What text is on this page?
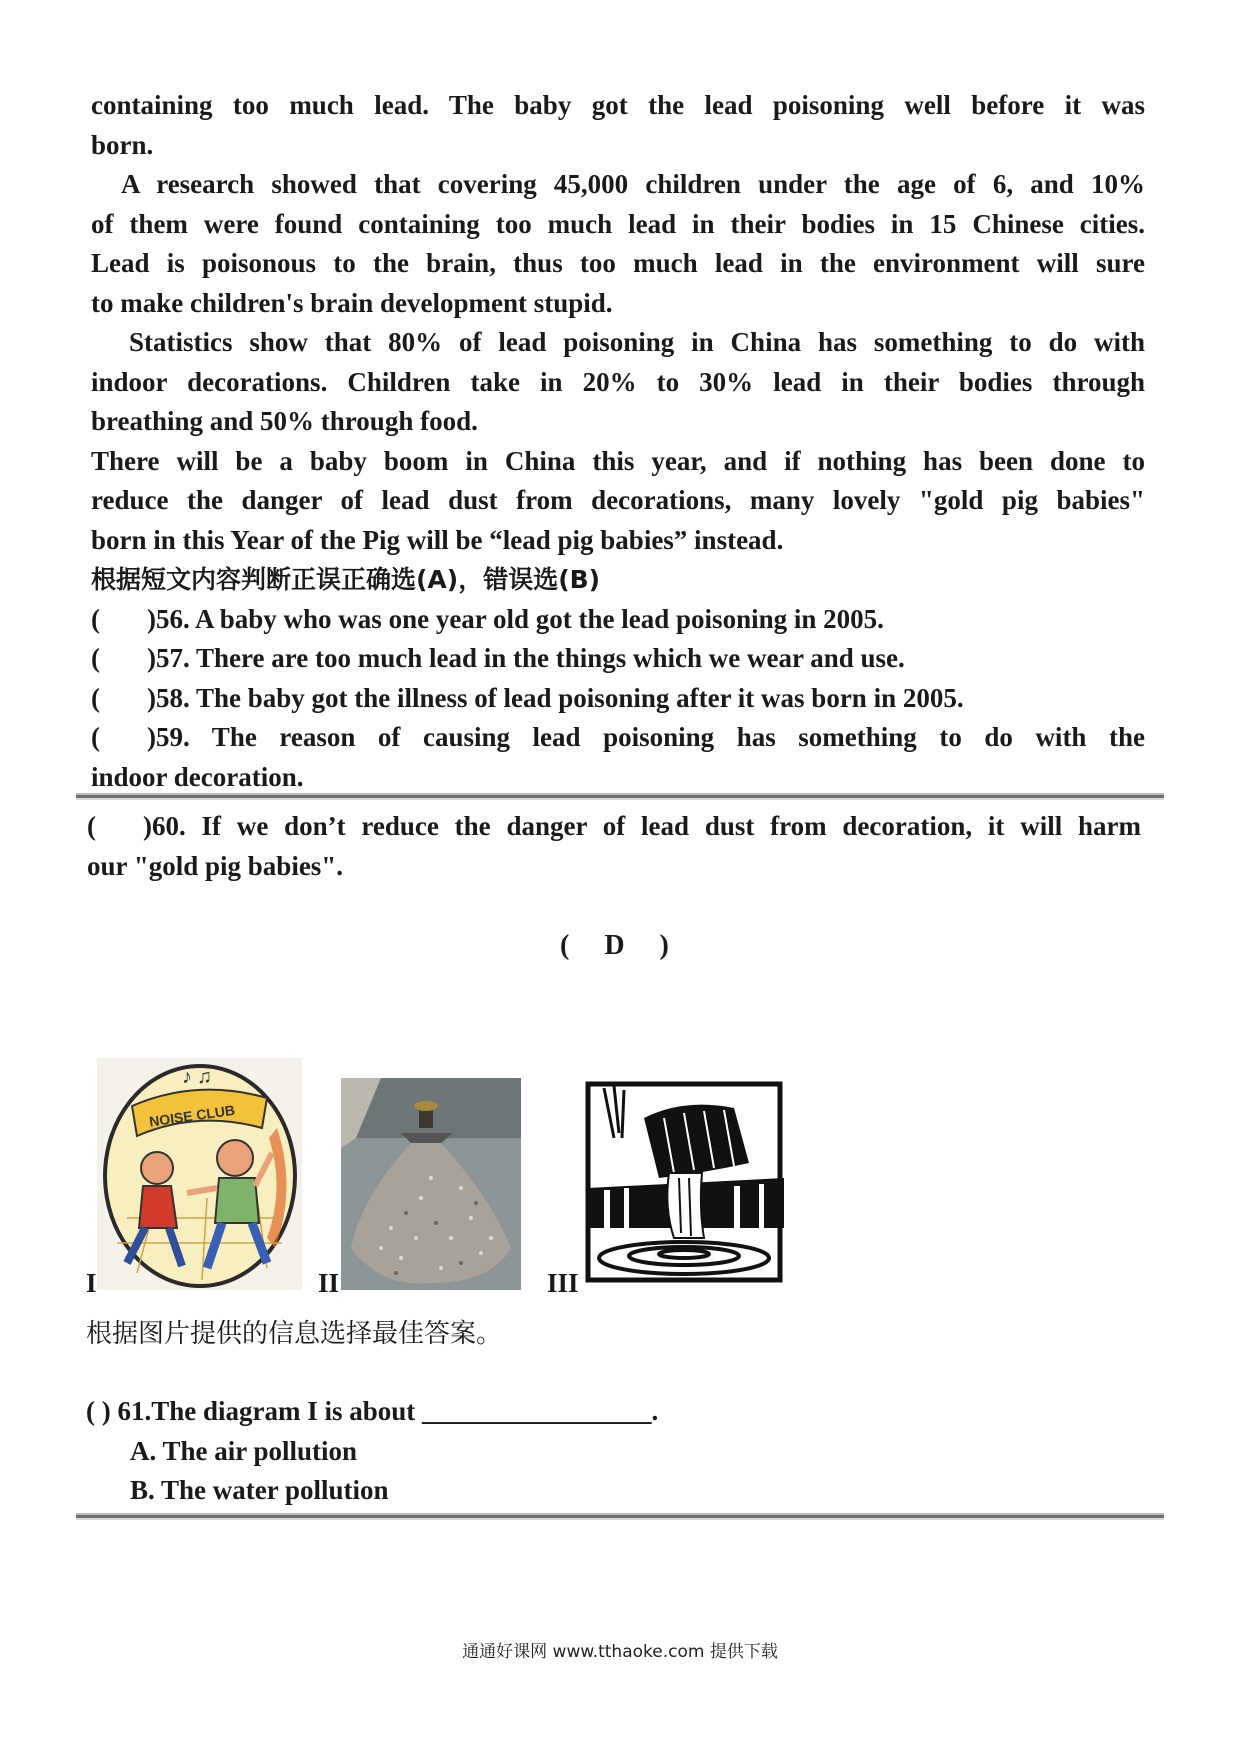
containing too much lead. The baby got the lead poisoning well before it was

born.

A research showed that covering 45,000 children under the age of 6, and 10%

of them were found containing too much lead in their bodies in 15 Chinese cities.

Lead is poisonous to the brain, thus too much lead in the environment will sure

to make children's brain development stupid.

Statistics show that 80% of lead poisoning in China has something to do with

indoor decorations. Children take in 20% to 30% lead in their bodies through

breathing and 50% through food.

There will be a baby boom in China this year, and if nothing has been done to

reduce the danger of lead dust from decorations, many lovely "gold pig babies"

born in this Year of the Pig will be “lead pig babies” instead.

根据短文内容判断正误正确选(A)，错误选(B)

( )56. A baby who was one year old got the lead poisoning in 2005.

( )57. There are too much lead in the things which we wear and use.

( )58. The baby got the illness of lead poisoning after it was born in 2005.

( )59. The reason of causing lead poisoning has something to do with the

indoor decoration.

( )60. If we don’t reduce the danger of lead dust from decoration, it will harm

our "gold pig babies".

( D )
NOISE CLUB
♪ ♫
I	II	III
根据图片提供的信息选择最佳答案。

( ) 61.The diagram I is about _________________.

A. The air pollution

B. The water pollution

通通好课网 www.tthaoke.com 提供下载
